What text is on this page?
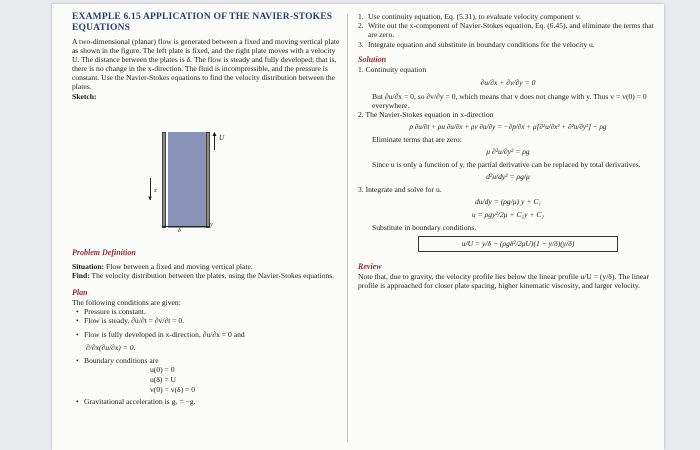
EXAMPLE 6.15 APPLICATION OF THE NAVIER-STOKES EQUATIONS
A two-dimensional (planar) flow is generated between a fixed and moving vertical plate as shown in the figure. The left plate is fixed, and the right plate moves with a velocity U. The distance between the plates is δ. The flow is steady and fully developed; that is, there is no change in the x-direction. The fluid is incompressible, and the pressure is constant. Use the Navier-Stokes equations to find the velocity distribution between the plates.
Sketch:
▲ U
▼
x
δ
y
Problem Definition
Situation: Flow between a fixed and moving vertical plate.
Find: The velocity distribution between the plates, using the Navier-Stokes equations.
Plan
The following conditions are given:
• Pressure is constant.
• Flow is steady, ∂u/∂t = ∂v/∂t = 0.
• Flow is fully developed in x-direction, ∂u/∂x = 0 and
∂/∂x(∂u/∂x) = 0.
• Boundary conditions are
u(0) = 0
u(δ) = U
v(0) = v(δ) = 0
• Gravitational acceleration is gₓ = −g.
1. Use continuity equation, Eq. (5.31), to evaluate velocity component v.
2. Write out the x-component of Navier-Stokes equation, Eq. (6.45), and eliminate the terms that are zero.
3. Integrate equation and substitute in boundary conditions for the velocity u.
Solution
1. Continuity equation
∂u/∂x + ∂v/∂y = 0
But ∂u/∂x = 0, so ∂v/∂y = 0, which means that v does not change with y. Thus v = v(0) = 0 everywhere.
2. The Navier-Stokes equation in x-direction
ρ ∂u/∂t + ρu ∂u/∂x + ρv ∂u/∂y = −∂p/∂x + μ[∂²u/∂x² + ∂²u/∂y²] − ρg
Eliminate terms that are zero:
μ ∂²u/∂y² = ρg
Since u is only a function of y, the partial derivative can be replaced by total derivatives.
d²u/dy² = ρg/μ
3. Integrate and solve for u.
du/dy = (ρg/μ) y + C₁
u = ρgy²/2μ + C₁y + C₂
Substitute in boundary conditions.
u/U = y/δ − (ρgδ²/2μU)(1 − y/δ)(y/δ)
Review
Note that, due to gravity, the velocity profile lies below the linear profile u/U = (y/δ). The linear profile is approached for closer plate spacing, higher kinematic viscosity, and larger velocity.
